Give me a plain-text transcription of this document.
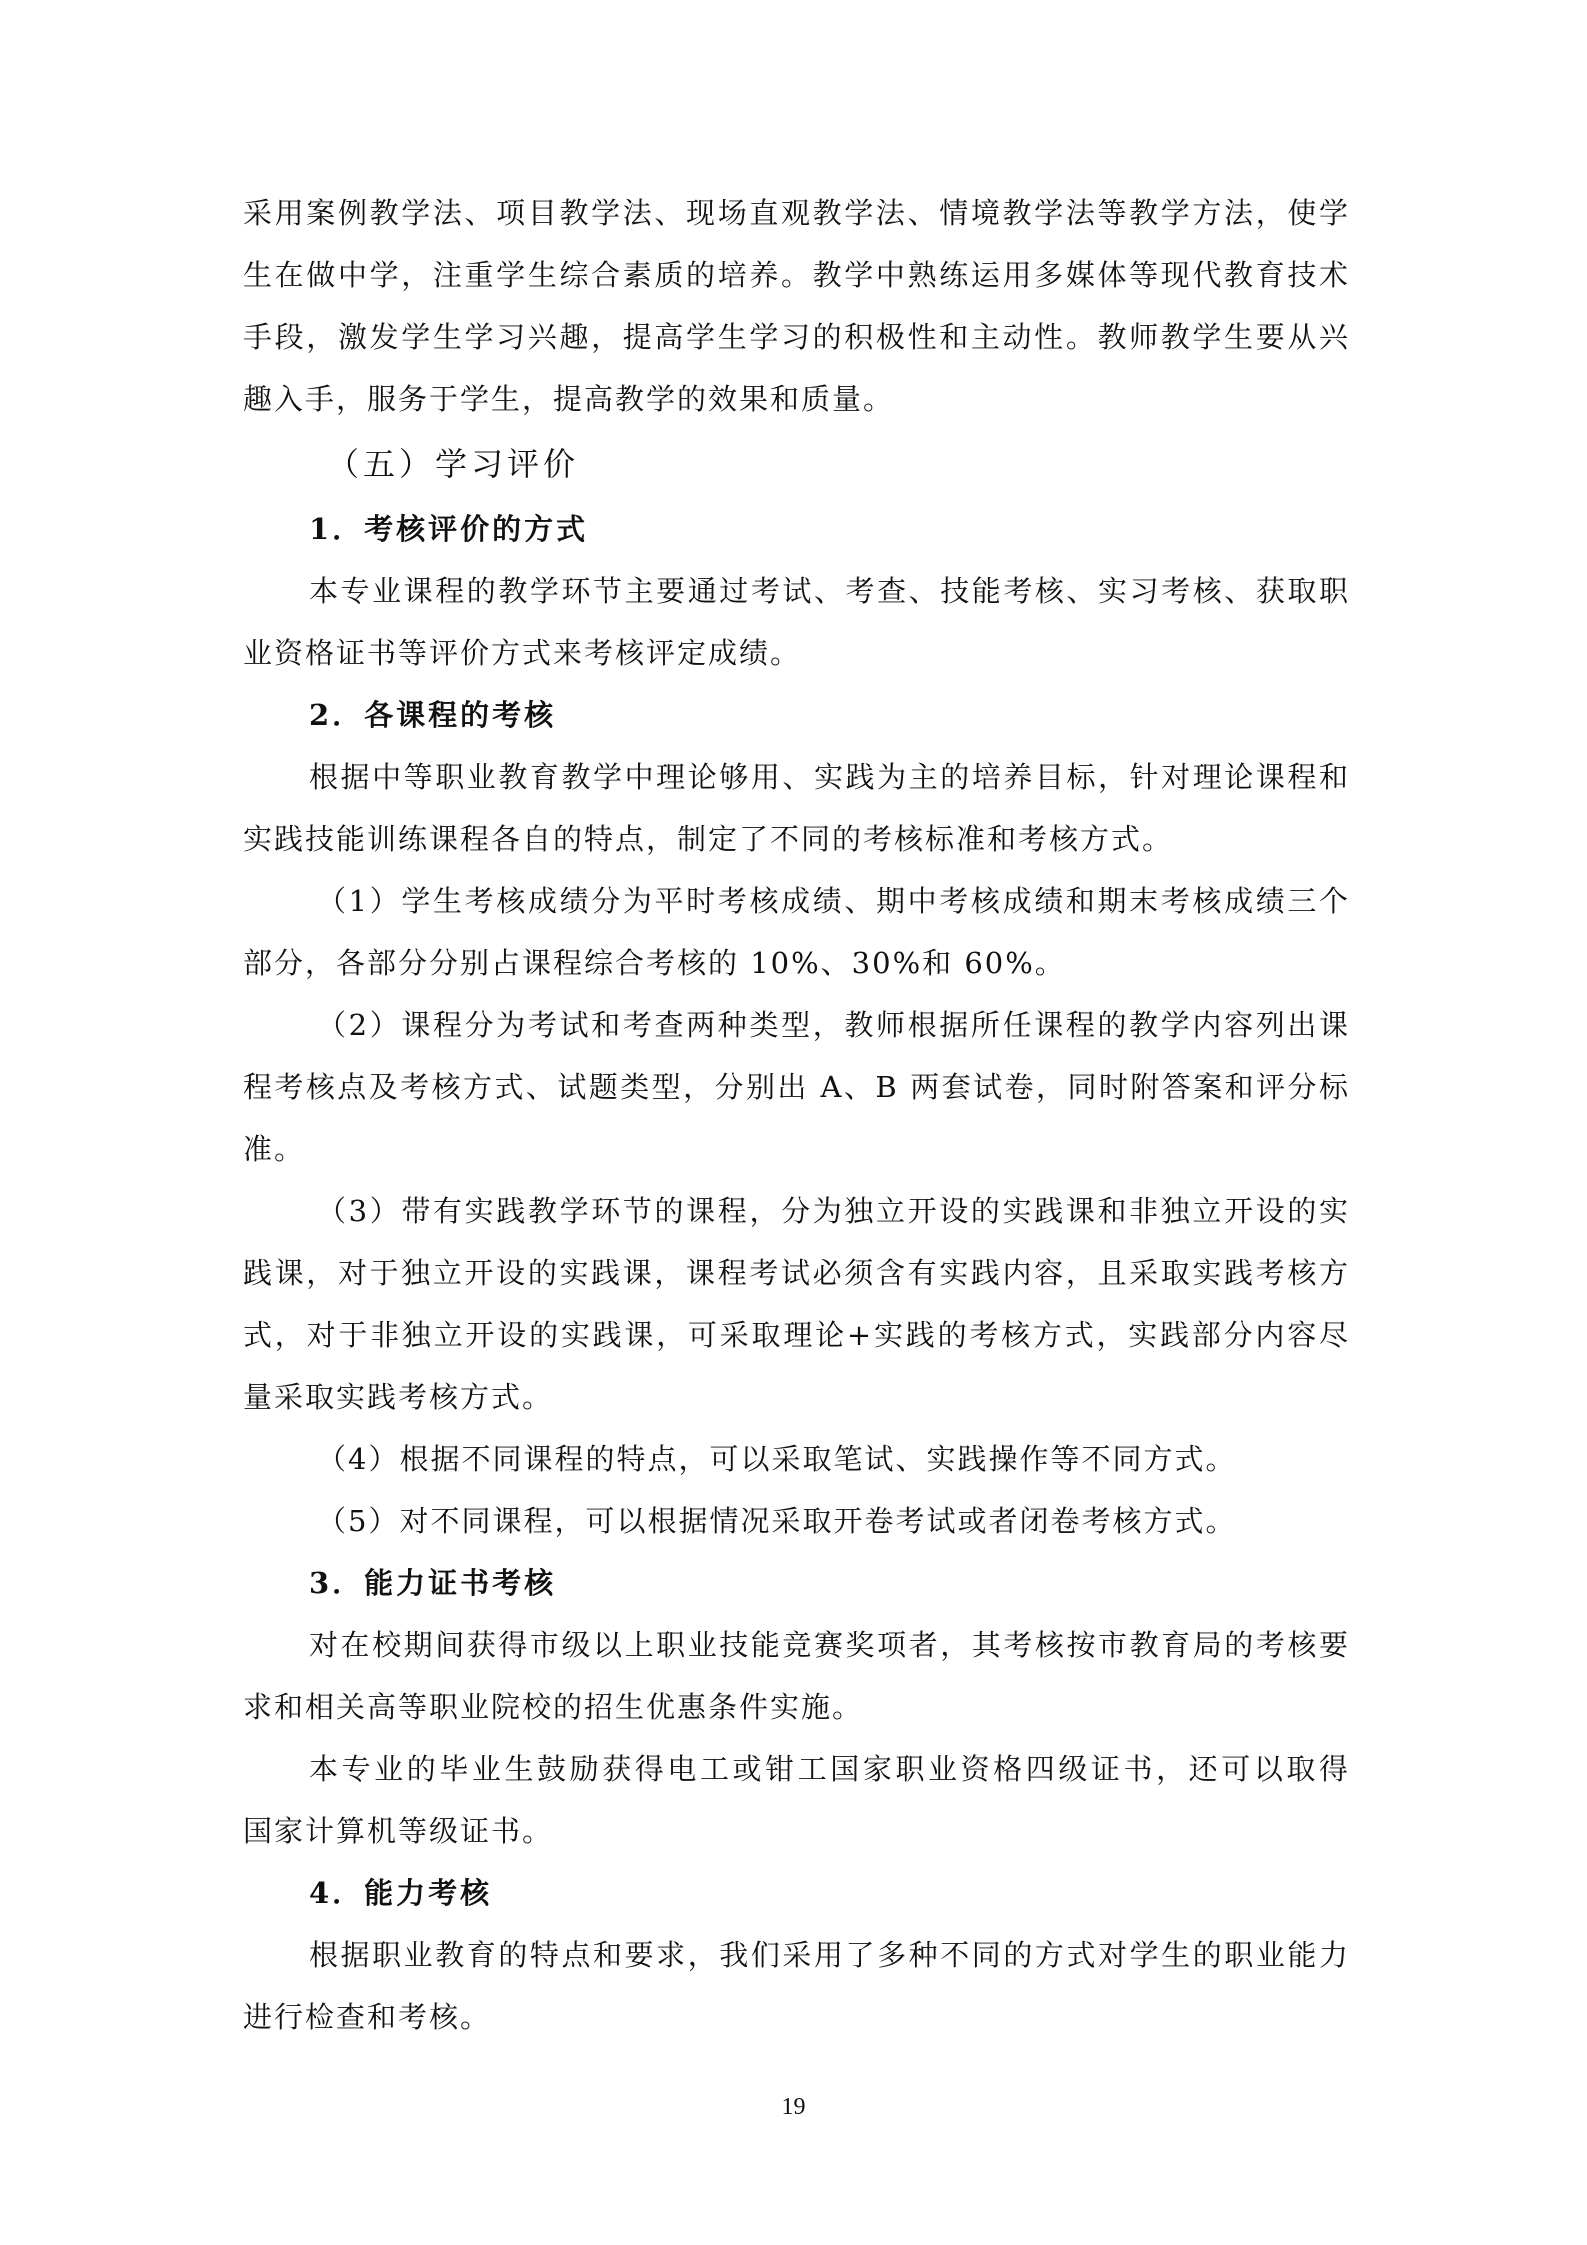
采用案例教学法、项目教学法、现场直观教学法、情境教学法等教学方法，使学
生在做中学，注重学生综合素质的培养。教学中熟练运用多媒体等现代教育技术
手段，激发学生学习兴趣，提高学生学习的积极性和主动性。教师教学生要从兴
趣入手，服务于学生，提高教学的效果和质量。
（五）学习评价
1．考核评价的方式
本专业课程的教学环节主要通过考试、考查、技能考核、实习考核、获取职
业资格证书等评价方式来考核评定成绩。
2．各课程的考核
根据中等职业教育教学中理论够用、实践为主的培养目标，针对理论课程和
实践技能训练课程各自的特点，制定了不同的考核标准和考核方式。
（1）学生考核成绩分为平时考核成绩、期中考核成绩和期末考核成绩三个
部分，各部分分别占课程综合考核的 10%、30%和 60%。
（2）课程分为考试和考查两种类型，教师根据所任课程的教学内容列出课
程考核点及考核方式、试题类型，分别出 A、B 两套试卷，同时附答案和评分标
准。
（3）带有实践教学环节的课程，分为独立开设的实践课和非独立开设的实
践课，对于独立开设的实践课，课程考试必须含有实践内容，且采取实践考核方
式，对于非独立开设的实践课，可采取理论+实践的考核方式，实践部分内容尽
量采取实践考核方式。
（4）根据不同课程的特点，可以采取笔试、实践操作等不同方式。
（5）对不同课程，可以根据情况采取开卷考试或者闭卷考核方式。
3．能力证书考核
对在校期间获得市级以上职业技能竞赛奖项者，其考核按市教育局的考核要
求和相关高等职业院校的招生优惠条件实施。
本专业的毕业生鼓励获得电工或钳工国家职业资格四级证书，还可以取得
国家计算机等级证书。
4．能力考核
根据职业教育的特点和要求，我们采用了多种不同的方式对学生的职业能力
进行检查和考核。
19
